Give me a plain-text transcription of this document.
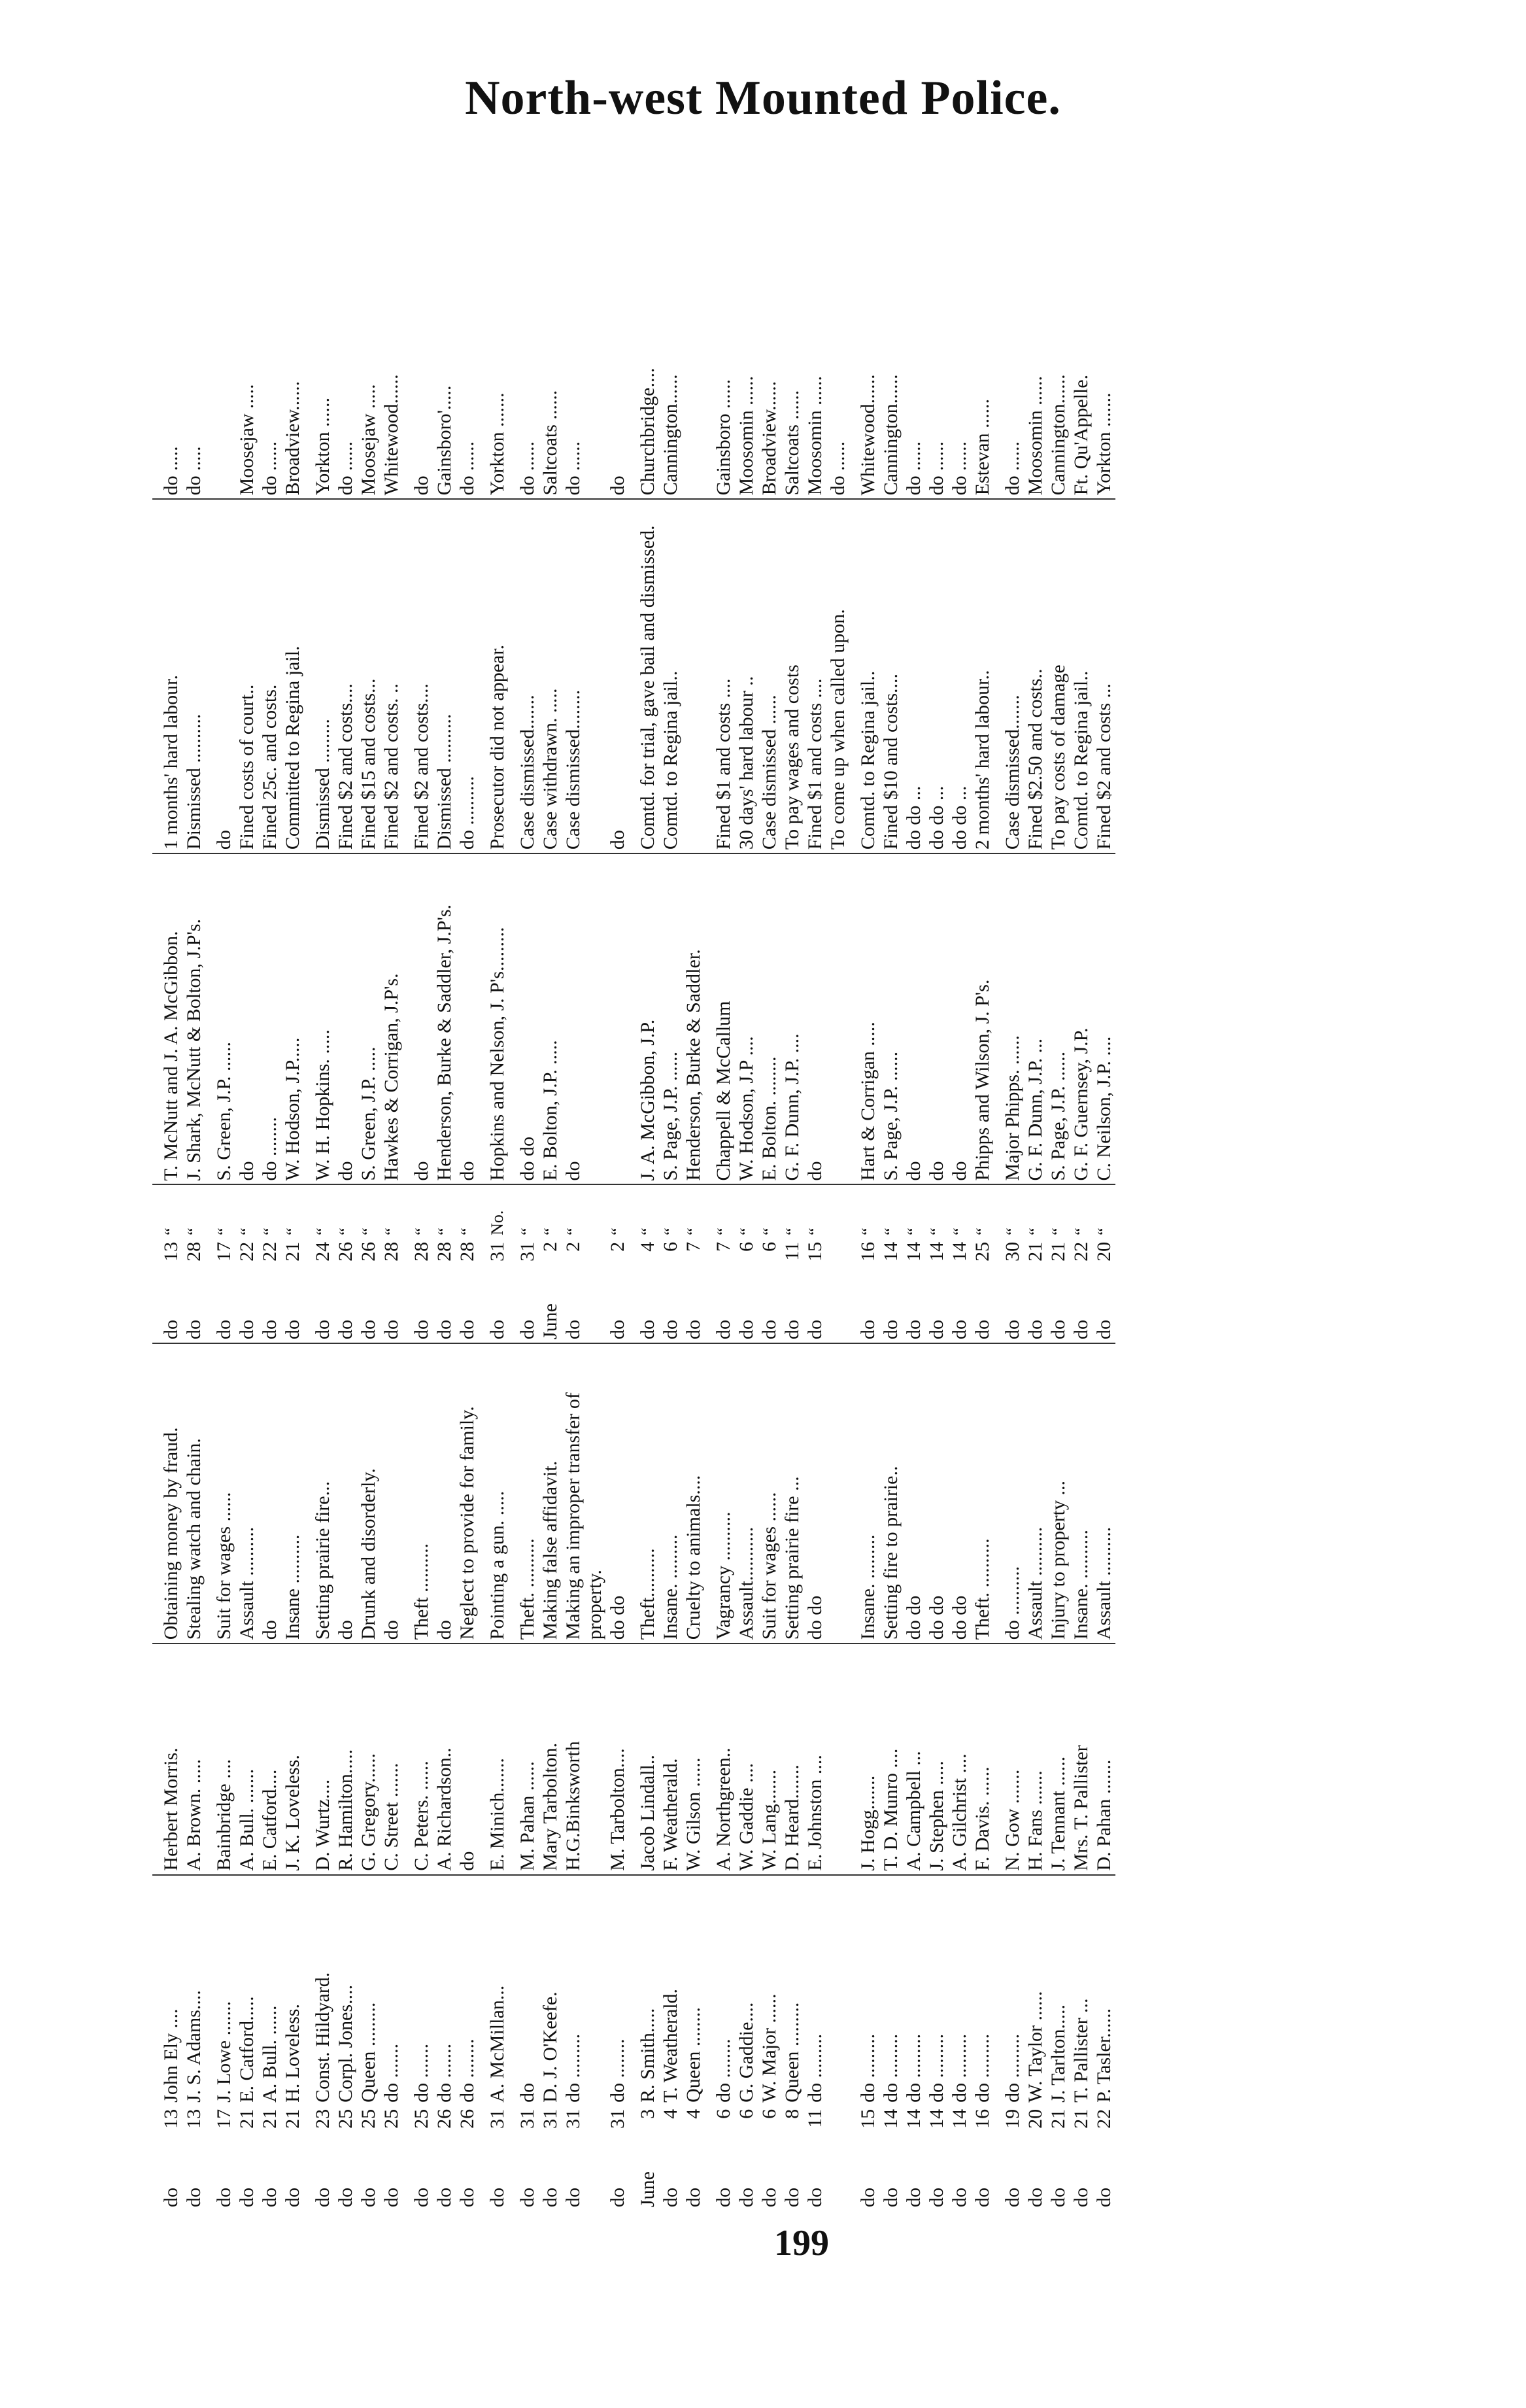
North-west Mounted Police.
do	13	John Ely ....	Herbert Morris.	Obtaining money by fraud.	do	13	“	T. McNutt and J. A. McGibbon.	1 months' hard labour.	do .....
do	13	J. S. Adams....	A. Brown. .....	Stealing watch and chain.	do	28	“	J. Shark, McNutt & Bolton, J.P's.	Dismissed ..........	do .....
do	17	J. Lowe .......	Bainbridge ....	Suit for wages ......	do	17	“	S. Green, J.P. ......	do	
do	21	E. Catford.....	A. Bull. .......	Assault ..........	do	22	“	do	Fined costs of court..	Moosejaw .....
do	21	A. Bull. ......	E. Catford....	do	do	22	“	do ........	Fined 25c. and costs.	do ......
do	21	H. Loveless.	J. K. Loveless.	Insane ..........	do	21	“	W. Hodson, J.P.....	Committed to Regina jail.	Broadview......
do	23	Const. Hildyard.	D. Wurtz....	Setting prairie fire...	do	24	“	W. H. Hopkins. .....	Dismissed .........	Yorkton ......
do	25	Corpl. Jones....	R. Hamilton.....	do	do	26	“	do	Fined $2 and costs....	do ......
do	25	Queen .........	G. Gregory......	Drunk and disorderly.	do	26	“	S. Green, J.P. .....	Fined $15 and costs...	Moosejaw .....
do	25	do .......	C. Street .......	do	do	28	“	Hawkes & Corrigan, J.P's.	Fined $2 and costs. ..	Whitewood......
do	25	do .......	C. Peters. ......	Theft ..........	do	28	“	do	Fined $2 and costs....	do
do	26	do .......	A. Richardson..	do	do	28	“	Henderson, Burke & Saddler, J.P's.	Dismissed ..........	Gainsboro'.....
do	26	do ........	do	Neglect to provide for family.	do	28	“	do	do ..........	do ......
do	31	A. McMillan...	E. Minich.......	Pointing a gun. .....	do	31	No.	Hopkins and Nelson, J. P's.........	Prosecutor did not appear.	Yorkton .......
do	31	do	M. Pahan ......	Theft. ..........	do	31	“	do do	Case dismissed.......	do ......
do	31	D. J. O'Keefe.	Mary Tarbolton.	Making false affidavit.	June	2	“	E. Bolton, J.P. .....	Case withdrawn. .....	Saltcoats ......
do	31	do .........	H.G.Binksworth	Making an improper transfer of property.	do	2	“	do	Case dismissed........	do ......
do	31	do ........	M. Tarbolton....	do do	do	2	“		do	do
June	3	R. Smith.....	Jacob Lindall..	Theft..........	do	4	“	J. A. McGibbon, J.P.	Comtd. for trial, gave bail and dismissed.	Churchbridge....
do	4	T. Weatherald.	F. Weatherald.	Insane. .........	do	6	“	S. Page, J.P. ......	Comtd. to Regina jail..	Cannington......
do	4	Queen ........	W. Gilson ......	Cruelty to animals....	do	7	“	Henderson, Burke & Saddler.		
do	6	do ........	A. Northgreen..	Vagrancy ..........	do	7	“	Chappell & McCallum	Fined $1 and costs ....	Gainsboro ......
do	6	G. Gaddie....	W. Gaddie ....	Assault...........	do	6	“	W. Hodson, J.P ....	30 days' hard labour ..	Moosomin ......
do	6	W. Major ......	W. Lang.......	Suit for wages ......	do	6	“	E. Bolton. ........	Case dismissed ......	Broadview......
do	8	Queen .........	D. Heard.......	Setting prairie fire ...	do	11	“	G. F. Dunn, J.P. ....	To pay wages and costs	Saltcoats ......
do	11	do .........	E. Johnston ....	do do	do	15	“	do	Fined $1 and costs ....	Moosomin ......
									To come up when called upon.	do ......
do	15	do .........	J. Hogg.......	Insane. .........	do	16	“	Hart & Corrigan .....	Comtd. to Regina jail..	Whitewood......
do	14	do .........	T. D. Munro ....	Setting fire to prairie..	do	14	“	S. Page, J.P. ......	Fined $10 and costs....	Cannington......
do	14	do .........	A. Campbell ...	do do	do	14	“	do	do do ...	do ......
do	14	do .........	J. Stephen .....	do do	do	14	“	do	do do ...	do ......
do	14	do .........	A. Gilchrist ....	do do	do	14	“	do	do do ...	do ......
do	16	do .........	F. Davis. ......	Theft. ..........	do	25	“	Phipps and Wilson, J. P's.	2 months' hard labour..	Estevan ......
do	19	do .........	N. Gow .......	do ..........	do	30	“	Major Phipps. ......	Case dismissed.......	do ......
do	20	W. Taylor ......	H. Fans .......	Assault ..........	do	21	“	G. F. Dunn, J.P. ...	Fined $2.50 and costs..	Moosomin ......
do	21	J. Tarlton.....	J. Tennant ......	Injury to property ...	do	21	“	S. Page, J.P. ......	To pay costs of damage	Cannington......
do	21	T. Pallister ...	Mrs. T. Pallister	Insane. ..........	do	22	“	G. F. Guernsey, J.P.	Comtd. to Regina jail..	Ft. Qu'Appelle.
do	22	P. Tasler......	D. Pahan .......	Assault ..........	do	20	“	C. Neilson, J.P. ....	Fined $2 and costs ...	Yorkton .......
199
